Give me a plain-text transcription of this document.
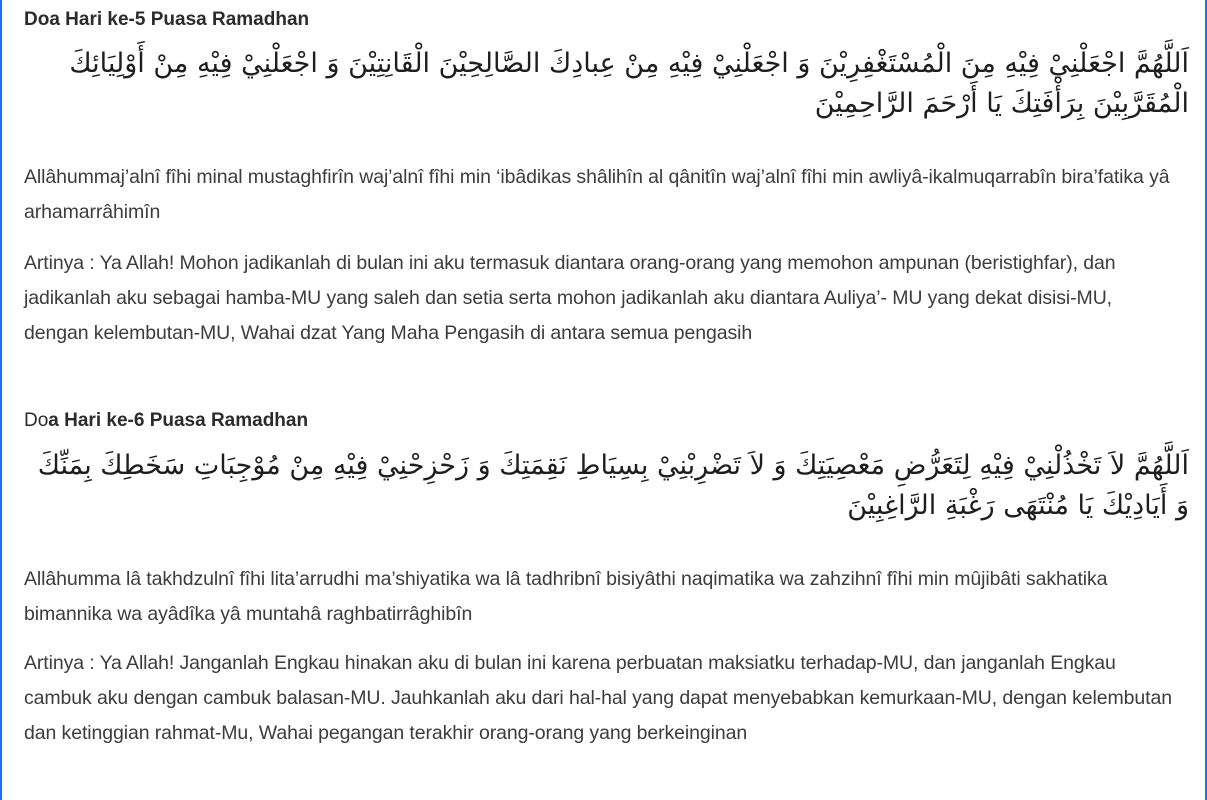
Doa Hari ke-5 Puasa Ramadhan

اَللَّهُمَّ اجْعَلْنِيْ فِيْهِ مِنَ الْمُسْتَغْفِرِيْنَ وَ اجْعَلْنِيْ فِيْهِ مِنْ عِبادِكَ الصَّالِحِيْنَ الْقَانِتِيْنَ وَ اجْعَلْنِيْ فِيْهِ مِنْ أَوْلِيَائِكَ الْمُقَرَّبِيْنَ بِرَأْفَتِكَ يَا أَرْحَمَ الرَّاحِمِيْنَ

Allâhummaj’alnî fîhi minal mustaghfirîn waj’alnî fîhi min ‘ibâdikas shâlihîn al qânitîn waj’alnî fîhi min awliyâ-ikalmuqarrabîn bira’fatika yâ arhamarrâhimîn

Artinya : Ya Allah! Mohon jadikanlah di bulan ini aku termasuk diantara orang-orang yang memohon ampunan (beristighfar), dan jadikanlah aku sebagai hamba-MU yang saleh dan setia serta mohon jadikanlah aku diantara Auliya’- MU yang dekat disisi-MU, dengan kelembutan-MU, Wahai dzat Yang Maha Pengasih di antara semua pengasih

Doa Hari ke-6 Puasa Ramadhan

اَللَّهُمَّ لاَ تَخْذُلْنِيْ فِيْهِ لِتَعَرُّضِ مَعْصِيَتِكَ وَ لاَ تَضْرِبْنِيْ بِسِيَاطِ نَقِمَتِكَ وَ زَحْزِحْنِيْ فِيْهِ مِنْ مُوْجِبَاتِ سَخَطِكَ بِمَنِّكَ وَ أَيَادِيْكَ يَا مُنْتَهَى رَغْبَةِ الرَّاغِبِيْنَ

Allâhumma lâ takhdzulnî fîhi lita’arrudhi ma’shiyatika wa lâ tadhribnî bisiyâthi naqimatika wa zahzihnî fîhi min mûjibâti sakhatika bimannika wa ayâdîka yâ muntahâ raghbatirrâghibîn

Artinya : Ya Allah! Janganlah Engkau hinakan aku di bulan ini karena perbuatan maksiatku terhadap-MU, dan janganlah Engkau cambuk aku dengan cambuk balasan-MU. Jauhkanlah aku dari hal-hal yang dapat menyebabkan kemurkaan-MU, dengan kelembutan dan ketinggian rahmat-Mu, Wahai pegangan terakhir orang-orang yang berkeinginan
